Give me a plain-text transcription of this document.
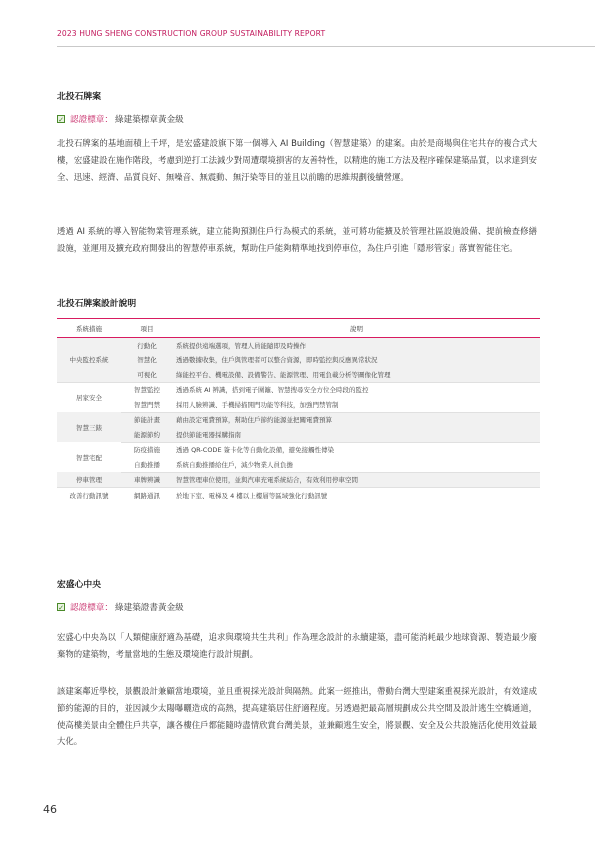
2023 HUNG SHENG CONSTRUCTION GROUP SUSTAINABILITY REPORT
北投石牌案
✓ 認證標章 ： 綠建築標章黃金級
北投石牌案的基地面積上千坪，是宏盛建設旗下第一個導入 AI Building（智慧建築）的建案。由於是商場與住宅共存的複合式大樓，宏盛建設在施作階段，考慮到逆打工法減少對周遭環境損害的友善特性，以精進的施工方法及程序確保建築品質，以求達到安全、迅速、經濟、品質良好、無噪音、無震動、無汙染等目的並且以前瞻的思維規劃後續營運。
透過 AI 系統的導入智能物業管理系統，建立能夠預測住戶行為模式的系統，並可將功能擴及於管理社區設施設備、提前檢查修繕設施，並運用及擴充政府開發出的智慧停車系統，幫助住戶能夠精準地找到停車位，為住戶引進「隱形管家」落實智能住宅。
北投石牌案設計說明
系統措施	項目	說明
	行動化	系統提供遠端選項，管理人員能隨即及時操作
中央監控系統	智慧化	透過數據收集，住戶與管理者可以整合資源，即時監控與反應異常狀況
	可視化	綠能控平台、機電設備、設備警告、能源管理、用電負載分析等圖像化管理
居家安全	智慧監控	透過系統 AI 辨識，搭到電子圍籬、智慧搜尋安全方位全時段的監控
	智慧門禁	採用人臉辨識、手機掃描開門功能等科技，加強門禁管制
智慧三錶	節能計畫	藉由設定電費預算，幫助住戶節約能源並把關電費預算
	能源節約	提供節能電器採購指南
智慧宅配	防疫措施	透過 QR-CODE 簽卡化等自動化設備，避免接觸性傳染
	自動推播	系統自動推播給住戶，減少物業人員負擔
停車管理	車牌辨識	智慧管理車位使用，並與汽車充電系統結合，有效利用停車空間
改善行動訊號	網路通訊	於地下室、電梯及 4 樓以上樓層等區域強化行動訊號
宏盛心中央
✓ 認證標章 ： 綠建築證書黃金級
宏盛心中央為以「人類健康舒適為基礎，追求與環境共生共利」作為理念設計的永續建築，盡可能消耗最少地球資源、製造最少廢棄物的建築物，考量當地的生態及環境進行設計規劃。
該建案鄰近學校，景觀設計兼顧當地環境，並且重視採光設計與隔熱。此案一經推出，帶動台灣大型建案重視採光設計，有效達成節約能源的目的，並因減少太陽曝曬造成的高熱，提高建築居住舒適程度。另透過把最高層規劃成公共空間及設計逃生空橋通道，使高樓美景由全體住戶共享，讓各樓住戶都能隨時盡情欣賞台灣美景，並兼顧逃生安全，將景觀、安全及公共設施活化使用效益最大化。
46
